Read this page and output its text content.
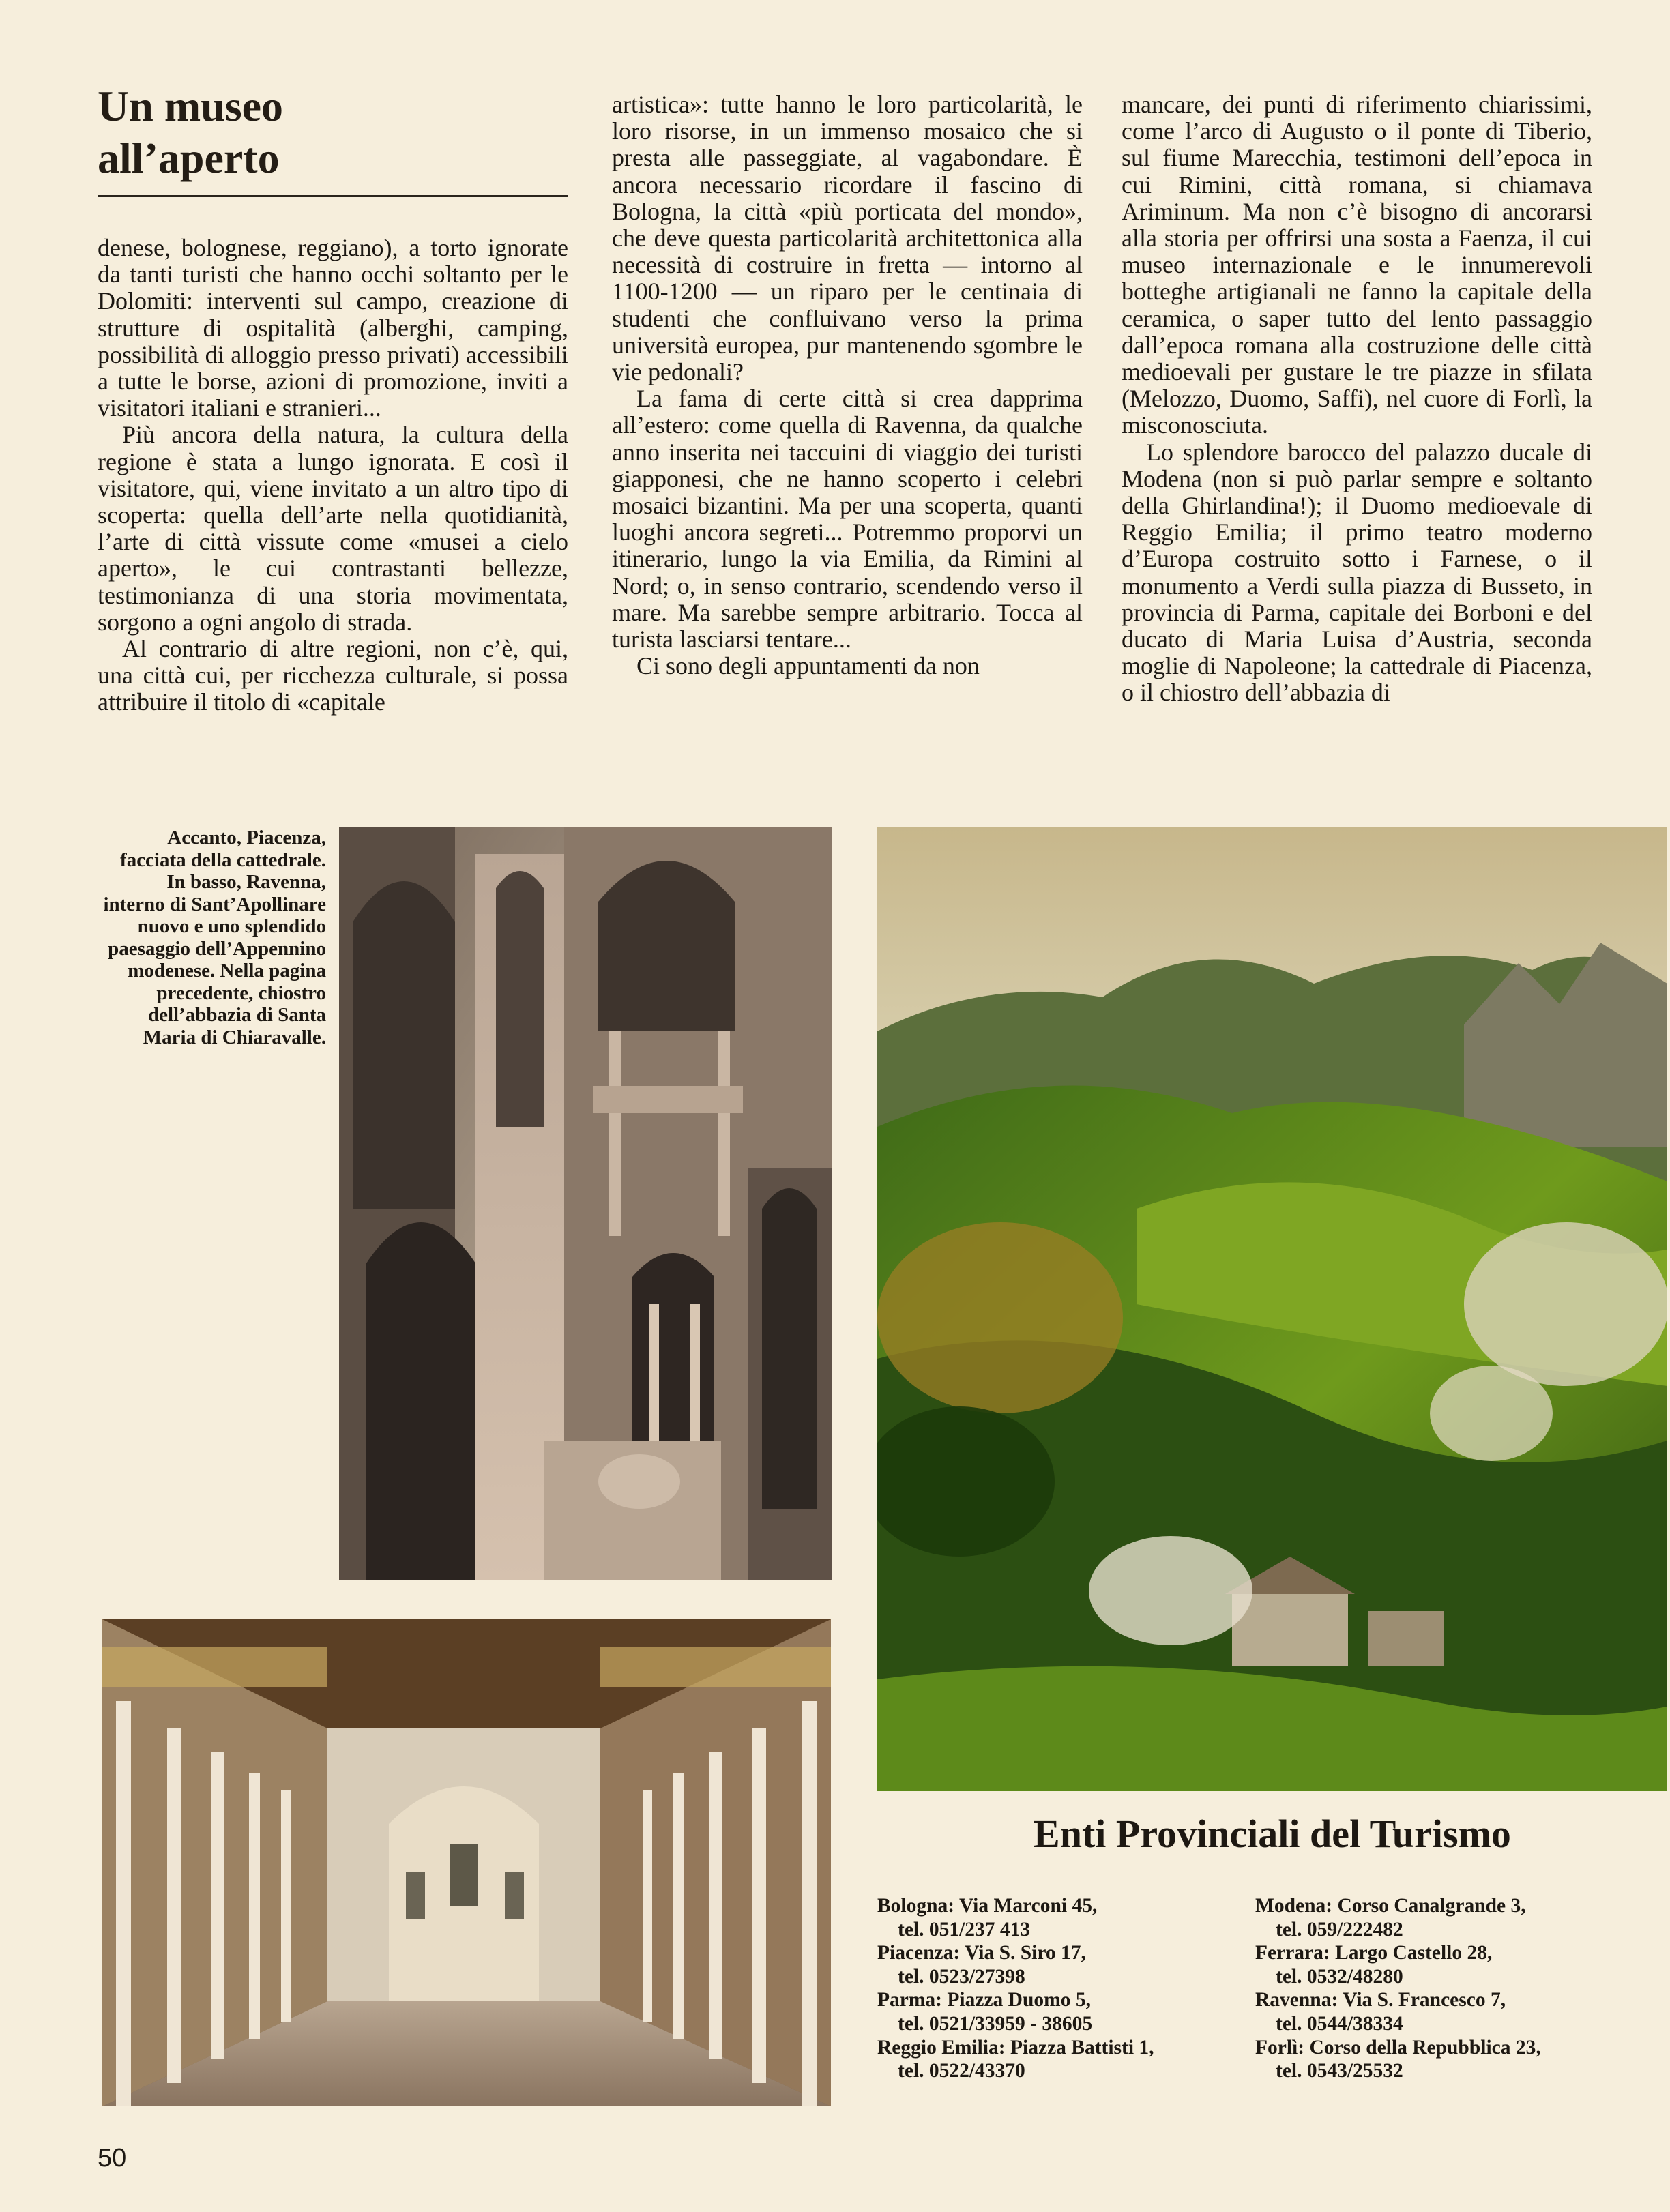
Un museo
all’aperto

denese, bolognese, reggiano), a torto ignorate da tanti turisti che hanno occhi soltanto per le Dolomiti: interventi sul campo, creazione di strutture di ospitalità (alberghi, camping, possibilità di alloggio presso privati) accessibili a tutte le borse, azioni di promozione, inviti a visitatori italiani e stranieri...

Più ancora della natura, la cultura della regione è stata a lungo ignorata. E così il visitatore, qui, viene invitato a un altro tipo di scoperta: quella dell’arte nella quotidianità, l’arte di città vissute come «musei a cielo aperto», le cui contrastanti bellezze, testimonianza di una storia movimentata, sorgono a ogni angolo di strada.

Al contrario di altre regioni, non c’è, qui, una città cui, per ricchezza culturale, si possa attribuire il titolo di «capitale

artistica»: tutte hanno le loro particolarità, le loro risorse, in un immenso mosaico che si presta alle passeggiate, al vagabondare. È ancora necessario ricordare il fascino di Bologna, la città «più porticata del mondo», che deve questa particolarità architettonica alla necessità di costruire in fretta — intorno al 1100-1200 — un riparo per le centinaia di studenti che confluivano verso la prima università europea, pur mantenendo sgombre le vie pedonali?

La fama di certe città si crea dapprima all’estero: come quella di Ravenna, da qualche anno inserita nei taccuini di viaggio dei turisti giapponesi, che ne hanno scoperto i celebri mosaici bizantini. Ma per una scoperta, quanti luoghi ancora segreti... Potremmo proporvi un itinerario, lungo la via Emilia, da Rimini al Nord; o, in senso contrario, scendendo verso il mare. Ma sarebbe sempre arbitrario. Tocca al turista lasciarsi tentare...

Ci sono degli appuntamenti da non

mancare, dei punti di riferimento chiarissimi, come l’arco di Augusto o il ponte di Tiberio, sul fiume Marecchia, testimoni dell’epoca in cui Rimini, città romana, si chiamava Ariminum. Ma non c’è bisogno di ancorarsi alla storia per offrirsi una sosta a Faenza, il cui museo internazionale e le innumerevoli botteghe artigianali ne fanno la capitale della ceramica, o saper tutto del lento passaggio dall’epoca romana alla costruzione delle città medioevali per gustare le tre piazze in sfilata (Melozzo, Duomo, Saffi), nel cuore di Forlì, la misconosciuta.

Lo splendore barocco del palazzo ducale di Modena (non si può parlar sempre e soltanto della Ghirlandina!); il Duomo medioevale di Reggio Emilia; il primo teatro moderno d’Europa costruito sotto i Farnese, o il monumento a Verdi sulla piazza di Busseto, in provincia di Parma, capitale dei Borboni e del ducato di Maria Luisa d’Austria, seconda moglie di Napoleone; la cattedrale di Piacenza, o il chiostro dell’abbazia di

Accanto, Piacenza, facciata della cattedrale. In basso, Ravenna, interno di Sant’Apollinare nuovo e uno splendido paesaggio dell’Appennino modenese. Nella pagina precedente, chiostro dell’abbazia di Santa Maria di Chiaravalle.
Enti Provinciali del Turismo
Bologna: Via Marconi 45,
tel. 051/237 413
Piacenza: Via S. Siro 17,
tel. 0523/27398
Parma: Piazza Duomo 5,
tel. 0521/33959 - 38605
Reggio Emilia: Piazza Battisti 1,
tel. 0522/43370
Modena: Corso Canalgrande 3,
tel. 059/222482
Ferrara: Largo Castello 28,
tel. 0532/48280
Ravenna: Via S. Francesco 7,
tel. 0544/38334
Forlì: Corso della Repubblica 23,
tel. 0543/25532
50
